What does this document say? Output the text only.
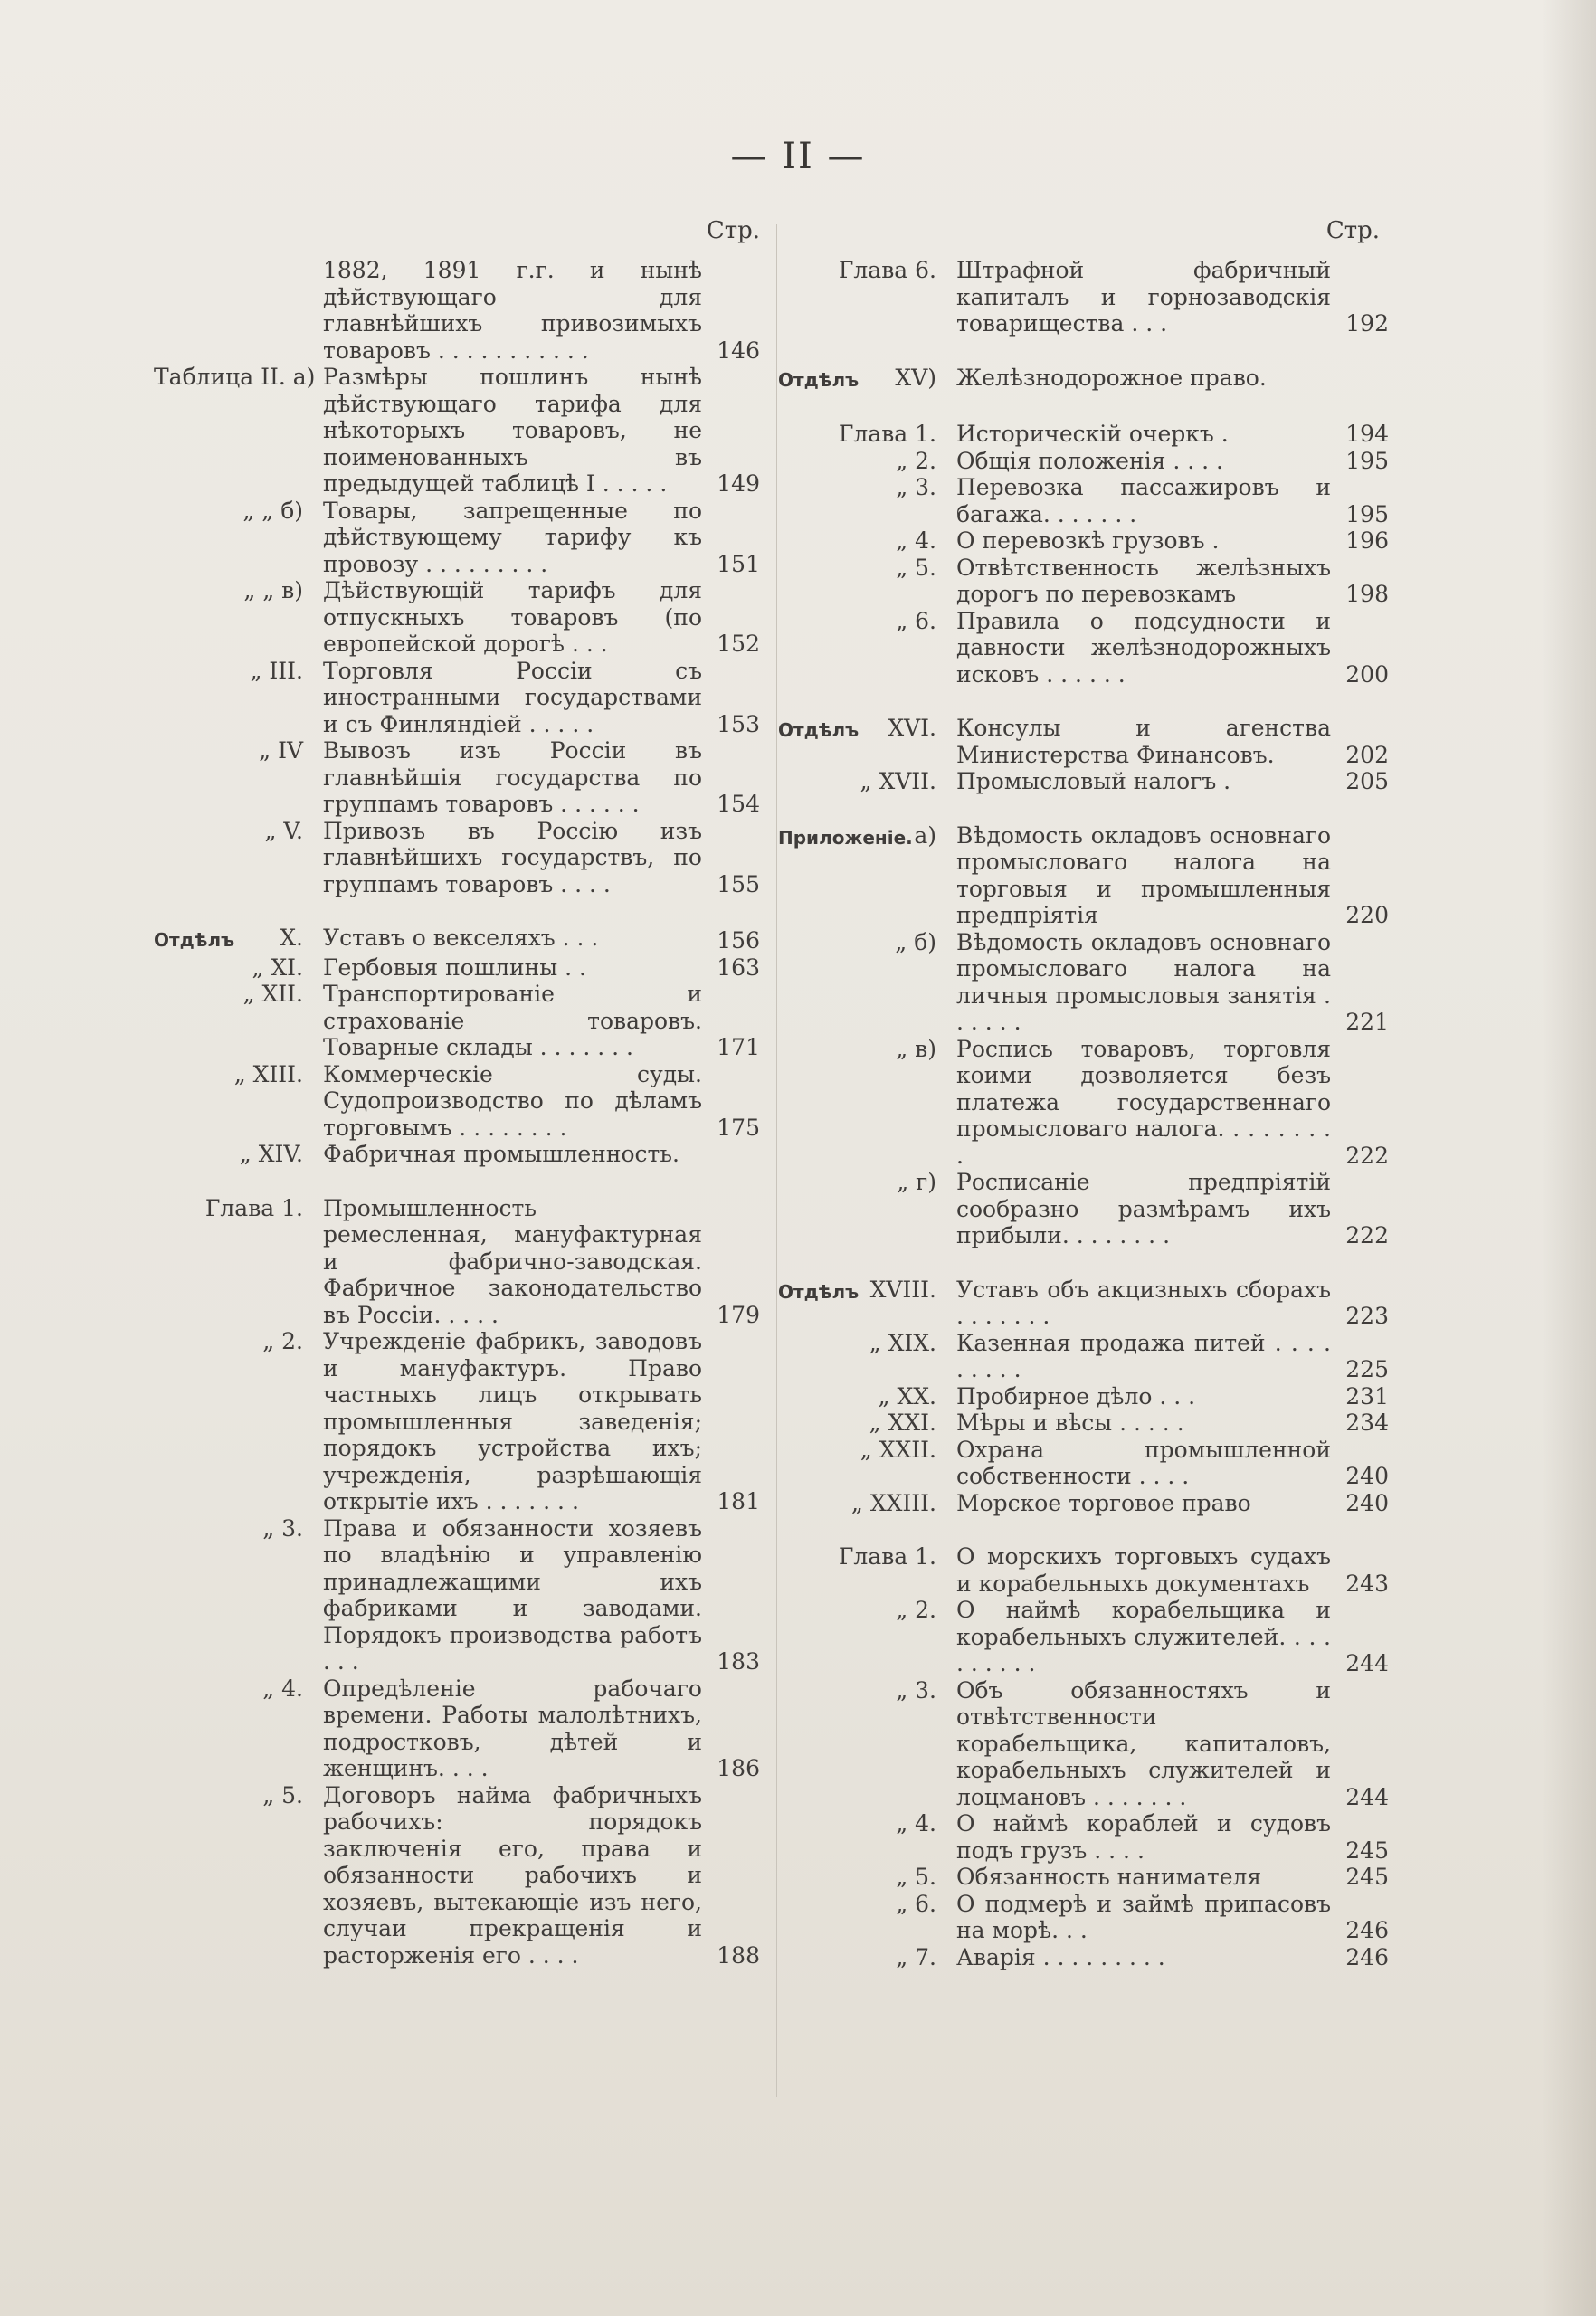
— II —
Стр.
1882, 1891 г.г. и нынѣ дѣйствующаго для главнѣйшихъ привозимыхъ товаровъ . . . . . . . . . . .	146
Таблица II. а) Размѣры пошлинъ нынѣ дѣйствующаго тарифа для нѣкоторыхъ товаровъ, не поименованныхъ въ предыдущей таблицѣ I . . . . .	149
„ „ б) Товары, запрещенные по дѣйствующему тарифу къ провозу . . . . . . . . .	151
„ „ в) Дѣйствующій тарифъ для отпускныхъ товаровъ (по европейской дорогѣ . . .	152
„ III. Торговля Россіи съ иностранными государствами и съ Финляндіей . . . . .	153
„ IV Вывозъ изъ Россіи въ главнѣйшія государства по группамъ товаровъ . . . . . .	154
„ V. Привозъ въ Россію изъ главнѣйшихъ государствъ, по группамъ товаровъ . . . .	155
Отдѣлъ	X. Уставъ о векселяхъ . . .	156
„ XI. Гербовыя пошлины . .	163
„ XII. Транспортированіе и страхованіе товаровъ. Товарные склады . . . . . . .	171
„ XIII. Коммерческіе суды. Судопроизводство по дѣламъ торговымъ . . . . . . . .	175
„ XIV. Фабричная промышленность.
Глава 1. Промышленность ремесленная, мануфактурная и фабрично-заводская. Фабричное законодательство въ Россіи. . . . .	179
„ 2. Учрежденіе фабрикъ, заводовъ и мануфактуръ. Право частныхъ лицъ открывать промышленныя заведенія; порядокъ устройства ихъ; учрежденія, разрѣшающія открытіе ихъ . . . . . . .	181
„ 3. Права и обязанности хозяевъ по владѣнію и управленію принадлежащими ихъ фабриками и заводами. Порядокъ производства работъ . . .	183
„ 4. Опредѣленіе рабочаго времени. Работы малолѣтнихъ, подростковъ, дѣтей и женщинъ. . . .	186
„ 5. Договоръ найма фабричныхъ рабочихъ: порядокъ заключенія его, права и обязанности рабочихъ и хозяевъ, вытекающіе изъ него, случаи прекращенія и расторженія его . . . .	188
Стр.
Глава 6. Штрафной фабричный капиталъ и горнозаводскія товарищества . . .	192
Отдѣлъ	XV) Желѣзнодорожное право.
Глава 1. Историческій очеркъ .	194
„ 2. Общія положенія . . . .	195
„ 3. Перевозка пассажировъ и багажа. . . . . . .	195
„ 4. О перевозкѣ грузовъ .	196
„ 5. Отвѣтственность желѣзныхъ дорогъ по перевозкамъ	198
„ 6. Правила о подсудности и давности желѣзнодорожныхъ исковъ . . . . . .	200
Отдѣлъ	XVI. Консулы и агенства Министерства Финансовъ.	202
„ XVII. Промысловый налогъ .	205
Приложеніе. а) Вѣдомость окладовъ основнаго промысловаго налога на торговыя и промышленныя предпріятія	220
„ б) Вѣдомость окладовъ основнаго промысловаго налога на личныя промысловыя занятія . . . . . .	221
„ в) Роспись товаровъ, торговля коими дозволяется безъ платежа государственнаго промысловаго налога. . . . . . . . .	222
„ г) Росписаніе предпріятій сообразно размѣрамъ ихъ прибыли. . . . . . . .	222
Отдѣлъ XVIII. Уставъ объ акцизныхъ сборахъ . . . . . . .	223
„ XIX. Казенная продажа питей . . . . . . . . .	225
„ XX. Пробирное дѣло . . .	231
„ XXI. Мѣры и вѣсы . . . . .	234
„ XXII. Охрана промышленной собственности . . . .	240
„ XXIII. Морское торговое право	240
Глава 1. О морскихъ торговыхъ судахъ и корабельныхъ документахъ	243
„ 2. О наймѣ корабельщика и корабельныхъ служителей. . . . . . . . . .	244
„ 3. Объ обязанностяхъ и отвѣтственности корабельщика, капиталовъ, корабельныхъ служителей и лоцмановъ . . . . . . .	244
„ 4. О наймѣ кораблей и судовъ подъ грузъ . . . .	245
„ 5. Обязанность нанимателя	245
„ 6. О подмерѣ и займѣ припасовъ на морѣ. . .	246
„ 7. Аварія . . . . . . . . .	246
